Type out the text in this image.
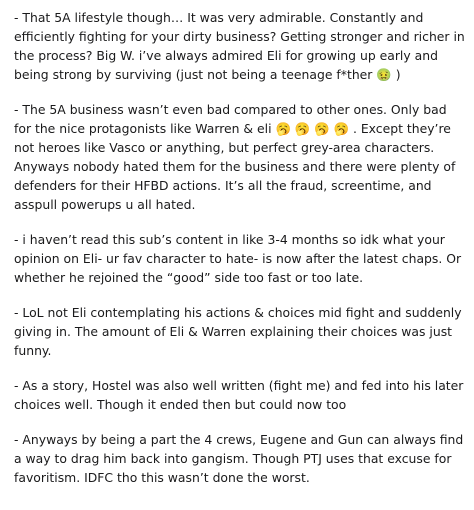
- That 5A lifestyle though… It was very admirable. Constantly and efficiently fighting for your dirty business? Getting stronger and richer in the process? Big W. i’ve always admired Eli for growing up early and being strong by surviving (just not being a teenage f*ther 🤢 )

- The 5A business wasn’t even bad compared to other ones. Only bad for the nice protagonists like Warren & eli 🥱 🥱 🥱 🥱 . Except they’re not heroes like Vasco or anything, but perfect grey-area characters. Anyways nobody hated them for the business and there were plenty of defenders for their HFBD actions. It’s all the fraud, screentime, and asspull powerups u all hated.

- i haven’t read this sub’s content in like 3-4 months so idk what your opinion on Eli- ur fav character to hate- is now after the latest chaps. Or whether he rejoined the “good” side too fast or too late.

- LoL not Eli contemplating his actions & choices mid fight and suddenly giving in. The amount of Eli & Warren explaining their choices was just funny.

- As a story, Hostel was also well written (fight me) and fed into his later choices well. Though it ended then but could now too

- Anyways by being a part the 4 crews, Eugene and Gun can always find a way to drag him back into gangism. Though PTJ uses that excuse for favoritism. IDFC tho this wasn’t done the worst.
